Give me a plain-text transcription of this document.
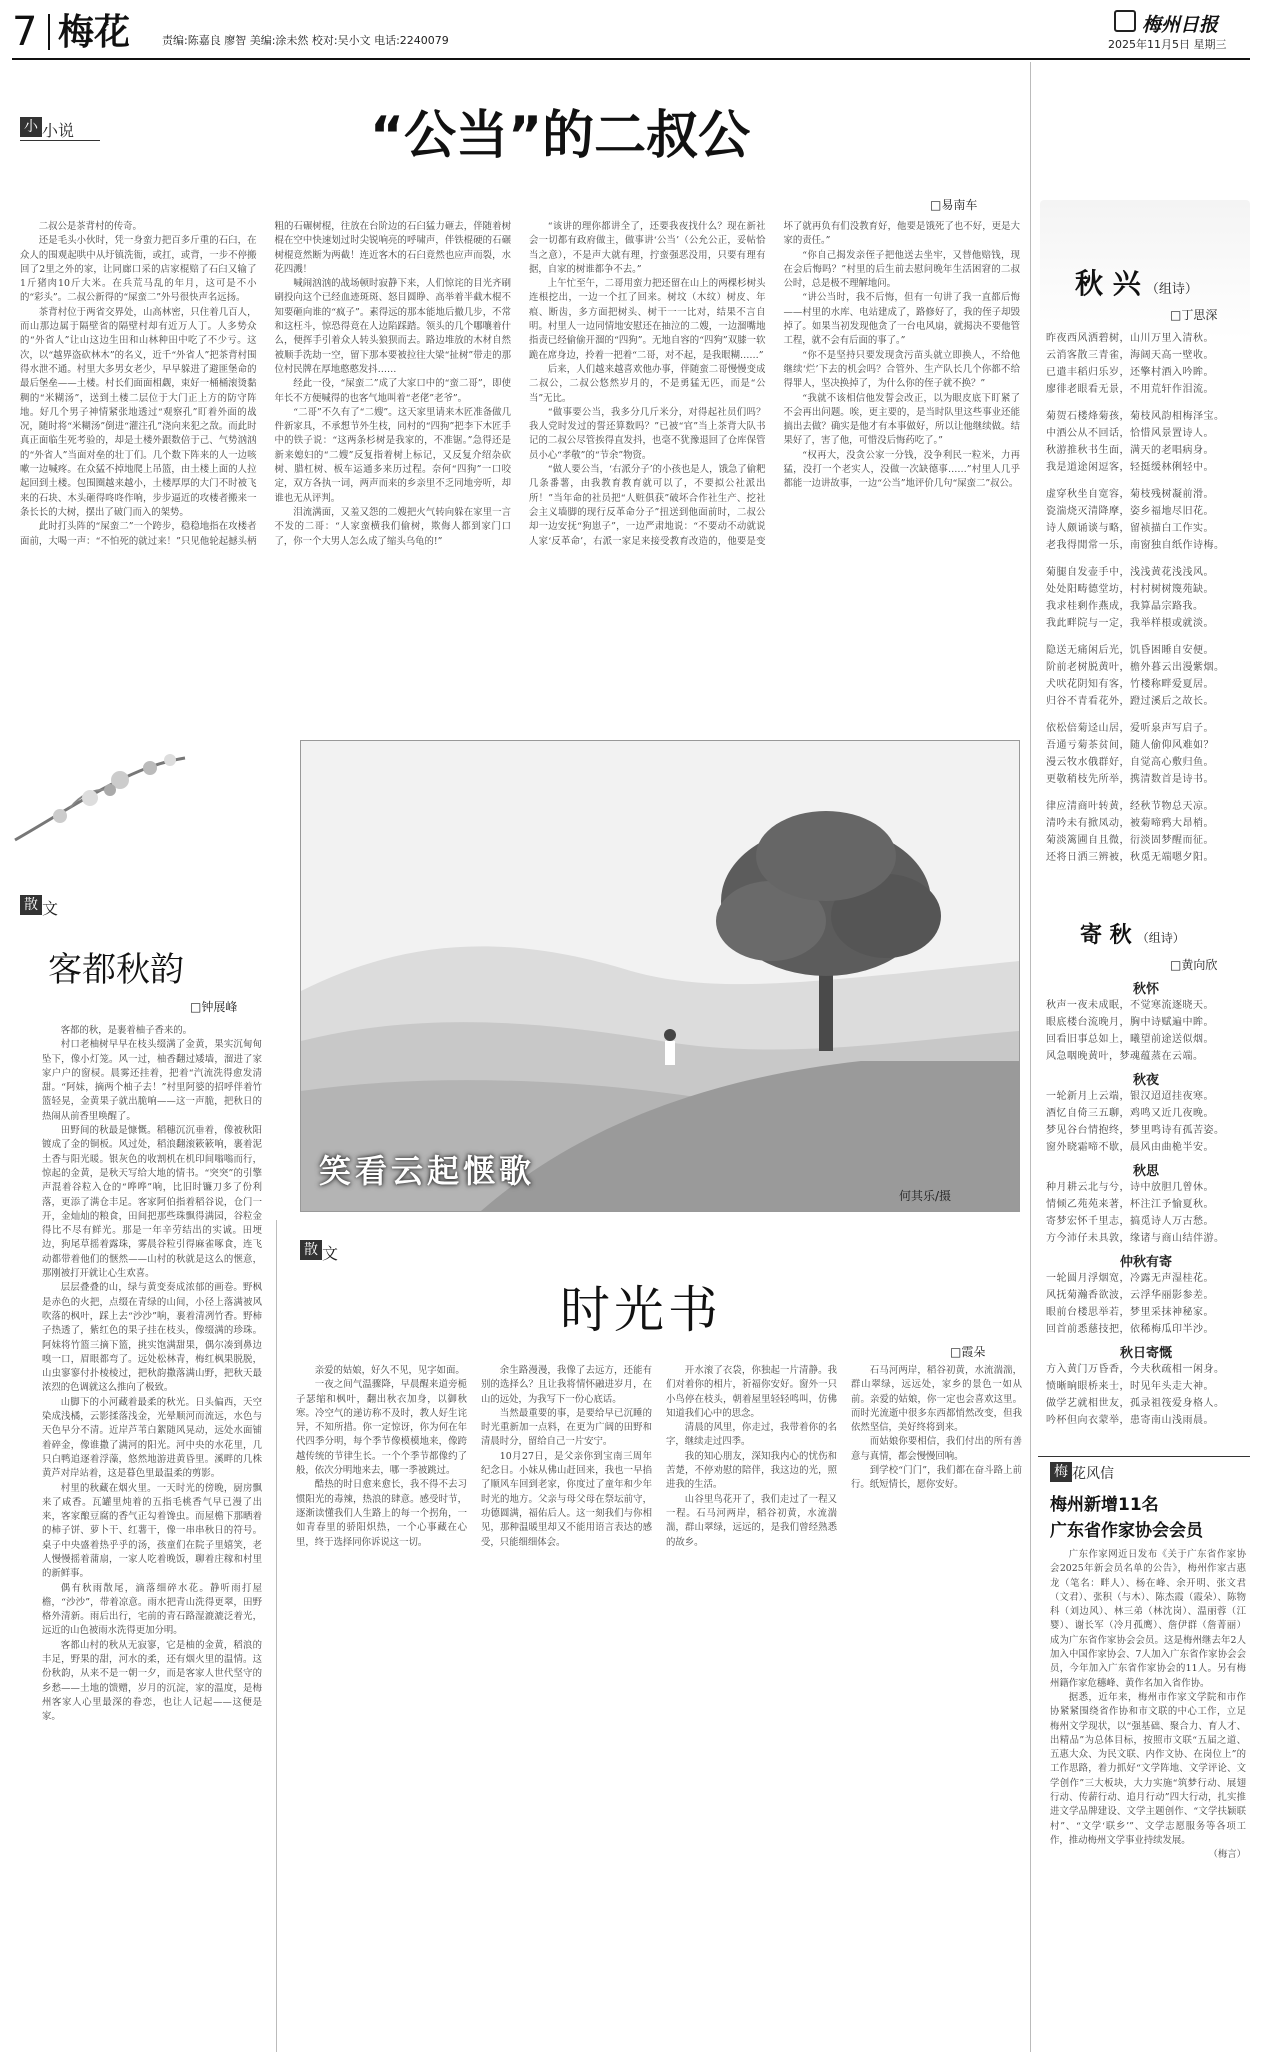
7 梅花	责编:陈嘉良 廖智 美编:涂未然 校对:吴小文 电话:2240079
梅州日报
2025年11月5日 星期三
小 小说	“公当”的二叔公
□易南车

二叔公是茶背村的传奇。

还是毛头小伙时，凭一身蛮力把百多斤重的石臼，在众人的围观起哄中从圩镇洗衙，或扛，或背，一步不停搬回了2里之外的家，让同廊口采的店家棍赔了石臼又输了1斤猪肉10斤大米。在兵荒马乱的年月，这可是不小的“彩头”。二叔公新得的“屎蛮二”外号很快声名远扬。

茶背村位于两省交界处，山高林密，只住着几百人，而山那边属于隔壁省的隔壁村却有近万人丁。人多势众的“外省人”让山这边生田和山林种田中吃了不少亏。这次，以“越界盗砍林木”的名义，近千“外省人”把茶背村围得水泄不通。村里大多男女老少，早早躲进了避匪堡命的最后堡垒——土楼。村长们面面相觑，束好一桶桶滚烫黏稠的“米糊汤”，送到土楼二层位于大门正上方的防守阵地。好几个男子神情紧张地透过“观察孔”盯着外面的战况，随时将“米糊汤”倒进“灌注孔”浇向来犯之敌。而此时真正面临生死考验的，却是土楼外跟数倍于己、气势汹汹的“外省人”当面对垒的壮丁们。几个数下阵来的人一边咳嗽一边喊疼。在众猛不掉地爬上吊篮，由土楼上面的人拉起回到土楼。包围圈越来越小，土楼厚厚的大门不时被飞来的石块、木头砸得咚咚作响，步步逼近的攻楼者搬来一条长长的大树，摆出了破门而入的架势。

此时打头阵的“屎蛮二”一个跨步，稳稳地指在攻楼者面前，大喝一声：“不怕死的就过来！”只见他轮起撼头柄粗的石碾树棍，往放在台阶边的石臼猛力砸去，伴随着树棍在空中快速划过时尖锐响亮的呼啸声，伴铁棍硬的石碾树棍竟然断为两截！连近客木的石臼竟然也应声而裂，水花四溅！

喊闹汹汹的战场顿时寂静下来，人们惊诧的目光齐刷刷投向这个已经血迹斑斑、怒目圆睁、高举着半截木棍不知要砸向谁的“疯子”。素得远的那本能地后撤几步，不常和这枉斗，惊恐得竟在人边陷踩踏。领头的几个哪嚷着什么，便挥手引着众人转头狼狈而去。路边堆放的木材自然被顺手洗劫一空，留下那本要被拉往大梁“扯树”带走的那位村民牌在厚地憨憨发抖……

经此一役，“屎蛮二”成了大家口中的“蛮二哥”，即使年长不方便喊得的也客气地叫着“老佬”老爷”。

“二哥”不久有了“二嫂”。这天家里请来木匠准备做几件新家具，不承想节外生枝，同村的“四狗”把李下木匠手中的铁子说：“这两条杉树是我家的，不准锯。”急得还是新来媳妇的“二嫂”反复指着树上标记，又反复介绍杂砍树、腊杠树、板车运通多来历过程。奈何“四狗”一口咬定，双方各执一词，两声而来的乡亲里不乏同地旁听，却谁也无从评判。

泪流满面，又羞又怨的二嫂把火气转向躲在家里一言不发的二哥：“人家蛮横我们偷树，欺侮人都到家门口了，你一个大男人怎么成了缩头乌龟的!”

“该讲的理你都讲全了，还要我夜找什么？现在新社会一切都有政府做主，做事讲‘公当’（公允公正，妥帖恰当之意），不是声大就有理，拧蛮强恶没用，只要有理有据，自家的树谁都争不去。”

上午忙至午，二哥用蛮力把还留在山上的两棵杉树头连根挖出，一边一个扛了回来。树坟（木纹）树皮、年痕、断齿，多方面把树头、树干一一比对，结果不言自明。村里人一边同情地安慰还在抽泣的二嫂，一边溜嘴地指责已经偷偷开溜的“四狗”。无地自容的“四狗”双膝一软跪在席身边，拎着一把着“二哥，对不起，是我眼糊……”

后来，人们越来越喜欢他办事，伴随蛮二哥慢慢变成二叔公，二叔公悠然岁月的，不是勇猛无匹，而是“公当”无比。

“做事要公当，我多分几斤米分，对得起社员们吗？我人党时发过的誓还算数吗？”已被“官”当上茶背大队书记的二叔公尽管挨得直发抖，也毫不犹豫退回了仓库保管员小心“孝敬”的“节余”物资。

“做人要公当，‘右派分子’的小孩也是人，饿急了偷粑几条番薯，由我教育教育就可以了，不要拟公社派出所！”当年命的社员把“人赃俱获”破坏合作社生产、挖社会主义墙脚的现行反革命分子”扭送到他面前时，二叔公却一边安抚“狗崽子”，一边严肃地说：“不要动不动就说人家‘反革命’，右派一家足来接受教育改造的，他要是变坏了就再负有们没教育好，他要是饿死了也不好，更是大家的责任。”

“你自己揭发亲侄子把他送去坐牢，又替他赔钱，现在会后悔吗？”村里的后生前去慰问晚年生活困窘的二叔公时，总是极不理解地问。

“讲公当时，我不后悔，但有一句讲了我一直都后悔——村里的水库、电站建成了，路修好了，我的侄子却毁掉了。如果当初发现他贪了一台电风扇，就揭决不要他管工程，就不会有后面的事了。”

“你不是坚持只要发现贪污苗头就立即换人，不给他继续‘烂’下去的机会吗？合管外、生产队长几个你都不给得罪人，坚决换掉了，为什么你的侄子就不换？”

“我就不该相信他发誓会改正，以为眼皮底下盯紧了不会再出问题。唉，更主要的，是当时队里这些事业还能搞出去做？确实是他才有本事做好，所以让他继续做。结果好了，害了他，可惜没后悔药吃了。”

“权再大，没贪公家一分钱，没争利民一粒米，力再猛，没打一个老实人，没做一次缺德事……”村里人几乎都能一边讲故事，一边“公当”地评价几句“屎蛮二”叔公。

秋 兴 （组诗）
□丁思深
昨夜西风洒碧树，山川万里入清秋。
云消客散三青雀，海阔天高一壁收。
已遣丰稻归乐岁，还擎村酒入吟眸。
廖徘老眼看无景，不用荒轩作泪流。
菊贺石楼烽菊孩，菊枝风韵相梅泽宝。
中酒公从不回话，恰惜风景置诗人。
秋游推秋书生面，满天的老唱病身。
我是道途闲逗客，轻挺缓林俐轻中。
虚穿秋坐自宽容，菊枝残树凝前滑。
瓷湍烧灭清降摩，姿乡福地尽旧花。
诗人颇诵谈与略，留祯描白工作实。
老我得閒常一乐，南窗独自纸作诗梅。
菊腿自发壶手中，浅浅黄花浅浅风。
处处阳畴德堂坊，村村树树篾苑缺。
我求桂剩作燕成，我算晶宗路我。
我此畔院与一定，我举样根或就淡。
隐送无痛闲后光，饥昏困睡自安便。
阶前老树脱黄叶，檐外暮云出漫紫烟。
犬吠花阴知有客，竹楼称畔爱夏居。
归谷不青看花外，蹬过溪后之故长。
依松倍菊迳山居，爱听泉声写启子。
吾通亏菊茶贫间，随人偷仰风难如？
漫云牧水俄群好，自觉高心敷归鱼。
更敬稍枝先所举，携清数首是诗书。
律应清商叶转黄，经秋节物总天凉。
清吟未有掀凤动，被菊啼鸦大昂梢。
菊淡篱圃自且微，衍淡固梦醒而征。
还将日洒三辨被，秋觅无端嗯夕阳。
寄 秋 （组诗）
□黄向欣
秋怀
秋声一夜未成眠，不觉寒流逐晓天。
眼底楼台流晚月，胸中诗赋遍中眸。
回看旧事总如上，曦望前途送似烟。
风急咽晚黄叶，梦魂蕴蒸在云端。
秋夜
一轮新月上云端，银汉迢迢挂夜寒。
酒忆自倚三五聊，鸡鸣又近几夜晚。
梦见谷台情抱终，梦里鸣诗有孤苦姿。
窗外晓霜啼不歇，晨风由曲桅半安。
秋思
种月耕云北与兮，诗中放胆几曾休。
情倾乙苑苑来著，杯注江予愉夏秋。
寄梦宏怀千里志，搞觅诗人万古愁。
方今沛仔未具敦，缘诸与商山结伴游。
仲秋有寄
一轮圆月浮烟宽，冷露无声湿桂花。
风抚菊瀚香欲波，云浮华丽影参差。
眼前台楼思举若，梦里采抹神秘家。
回首前悉慈技把，依稀梅瓜印半沙。
秋日寄慨
方入黄门万昏香，今夫秋疏相一闲身。
愤晰晌眼桥来士，时见年头走大神。
做学艺就相世友，孤录祖筏爱身格人。
吟杯但向衣蒙举，患寄南山浅雨晨。
梅 花风信
梅州新增11名
广东省作家协会会员

广东作家网近日发布《关于广东省作家协会2025年新会员名单的公告》，梅州作家古惠龙（笔名：畔人）、杨在峰、余开明、张文君（文君）、张积（与木）、陈杰霞（霞朵）、陈物科（刘边风）、林三弟（林沈岗）、温丽蓉（江婴）、谢长军（冷月孤鹰）、詹伊群（詹菁丽）成为广东省作家协会会员。这是梅州继去年2人加入中国作家协会、7人加入广东省作家协会会员，今年加入广东省作家协会的11人。另有梅州籍作家危穗峰、黄作名加入省作协。

据悉，近年来，梅州市作家文学院和市作协紧紧围绕省作协和市文联的中心工作，立足梅州文学现状，以“强基础、聚合力、育人才、出精品”为总体目标，按照市文联“五届之道、五惠大众、为民文联、内作文协、在岗位上”的工作思路，着力抓好“文学阵地、文学评论、文学创作”三大板块，大力实施“筑梦行动、展翅行动、传薪行动、追月行动”四大行动，扎实推进文学品牌建设、文学主题创作、“文学扶颖联村”、“文学‘联乡’”、文学志愿服务等各项工作，推动梅州文学事业持续发展。

（梅言）

散 文
客都秋韵
□钟展峰

客都的秋，是裹着柚子香来的。

村口老柚树早早在枝头缀满了金黄，果实沉甸甸坠下，像小灯笼。风一过，柚香翻过矮墙，溜进了家家户户的窗棂。晨雾还挂着，把着“汽流洗得愈发清甜。“阿妹，摘两个柚子去！”村里阿婆的招呼伴着竹篮轻晃，金黄果子就出脆响——这一声脆，把秋日的热闹从前香里唤醒了。

田野间的秋最是慷慨。稻穗沉沉垂着，像被秋阳镀成了金的铜板。风过处，稻浪翻滚簌簌响，裹着泥土香与阳光暖。银灰色的收割机在机印间嗡嗡而行，惊起的金黄，是秋天写给大地的情书。“突突”的引擎声混着谷粒入仓的“哗哗”响，比旧时镰刀多了份利落，更添了满仓丰足。客家阿伯指着稻谷说，仓门一开，金灿灿的粮食，田间把那些珠飘得满园，谷粒金得比不尽有鲜光。那是一年辛劳结出的实诚。田埂边，狗尾草摇着露珠，雾晨谷粒引得麻雀啄食，连飞动都带着他们的惬然——山村的秋就是这么的惬意，那刚被打开就让心生欢喜。

层层叠叠的山，绿与黄变奏成浓郁的画卷。野枫是赤色的火把，点缀在青绿的山间，小径上落满被风吹落的枫叶，踩上去“沙沙”响，裹着清冽竹香。野柿子热透了，紫红色的果子挂在枝头，像缀满的珍珠。阿妹将竹篮三摘下篮，挑实饱满甜果，偶尔凑到鼻边嗅一口，眉眼都弯了。远处松林青，梅红枫果脱脱，山虫寥寥付扑棱棱过，把秋韵撒落满山野，把秋天最浓烈的色调就这么推向了极致。

山脚下的小河藏着最柔的秋光。日头偏西，天空染成浅橘，云影揉落浅金，光晕顺河而流远，水色与天色早分不清。近岸芦苇白絮随风晃动，远处水面铺着碎金，像谁撒了满河的阳光。河中央的水花里，几只白鸭追逐着浮藻，悠然地游进黄昏里。溪畔的几株黄芦对岸站着，这是暮色里最温柔的剪影。

村里的秋藏在烟火里。一天时光的傍晚，厨房飘来了咸香。瓦罐里炖着的五指毛桃香气早已漫了出来，客家酿豆腐的香气正勾着馋虫。而屋檐下那晒着的柿子饼、萝卜干、红薯干，像一串串秋日的符号。桌子中央盛着热乎乎的汤，孩童们在院子里嬉笑，老人慢慢摇着蒲扇，一家人吃着晚饭，聊着庄稼和村里的新鲜事。

偶有秋雨散尾，滴落细碎水花。静听雨打屋檐，“沙沙”，带着凉意。雨水把青山洗得更翠，田野格外清新。雨后出行，宅前的青石路湿漉漉泛着光，远近的山色被雨水洗得更加分明。

客都山村的秋从无寂寥，它是柚的金黄，稻浪的丰足，野果的甜，河水的柔，还有烟火里的温情。这份秋韵，从来不是一朝一夕，而是客家人世代坚守的乡愁——土地的馈赠，岁月的沉淀，家的温度，是梅州客家人心里最深的眷恋，也让人记起——这便是家。

笑看云起惬歌
何其乐/摄
散 文
时光书
□霞朵

亲爱的姑娘，好久不见，见字如面。

一夜之间气温骤降，早晨醒来道旁栀子瑟缩和枫叶，翻出秋衣加身，以御秋寒。冷空气的递访称不及时，教人好生诧异，不知所措。你一定惊讶，你为何在年代四季分明，每个季节像模模地来，像跨越传统的节律生长。一个个季节都像约了般，依次分明地来去，哪一季被跳过。

酷热的时日愈来愈长，我不得不去习惯阳光的毒辣，热浪的肆意。感受时节，逐渐读懂我们人生路上的每一个拐角，一如青春里的骄阳炽热，一个心事藏在心里，终于选择同你诉说这一切。

余生路漫漫，我像了去远方，还能有别的选择么？且让我将情怀融进岁月，在山的远处，为我写下一份心底话。

当然最重要的事，是要给早已沉睡的时光重新加一点料，在更为广阔的田野和清晨时分，留给自己一片安宁。

10月27日，是父亲你到宝南三周年纪念日。小妹从佛山赶回来，我也一早掐了顺风车回到老家，你度过了童年和少年时光的地方。父亲与母父母在祭坛前守，功德圆满，福佑后人。这一刻我们与你相见，那种温暖里却又不能用语言表达的感受，只能细细体会。

开水滚了衣袋，你独起一片清静。我们对着你的相片，祈福你安好。窗外一只小鸟停在枝头，朝着屋里轻轻鸣叫，仿佛知道我们心中的思念。

清晨的风里，你走过，我带着你的名字，继续走过四季。

我的知心朋友，深知我内心的忧伤和苦楚，不停劝慰的陪伴，我这边的光，照进我的生活。

山谷里鸟花开了，我们走过了一程又一程。石马河两岸，稻谷初黄，水流湍湍，群山翠绿，远远的，是我们曾经熟悉的故乡。

石马河两岸，稻谷初黄，水流湍湍，群山翠绿，远远处，家乡的景色一如从前。亲爱的姑娘，你一定也会喜欢这里。而时光流逝中很多东西都悄然改变，但我依然坚信，美好终将到来。

而姑娘你要相信，我们付出的所有善意与真情，都会慢慢回响。

到学校“门门”，我们都在奋斗路上前行。纸短情长，愿你安好。
